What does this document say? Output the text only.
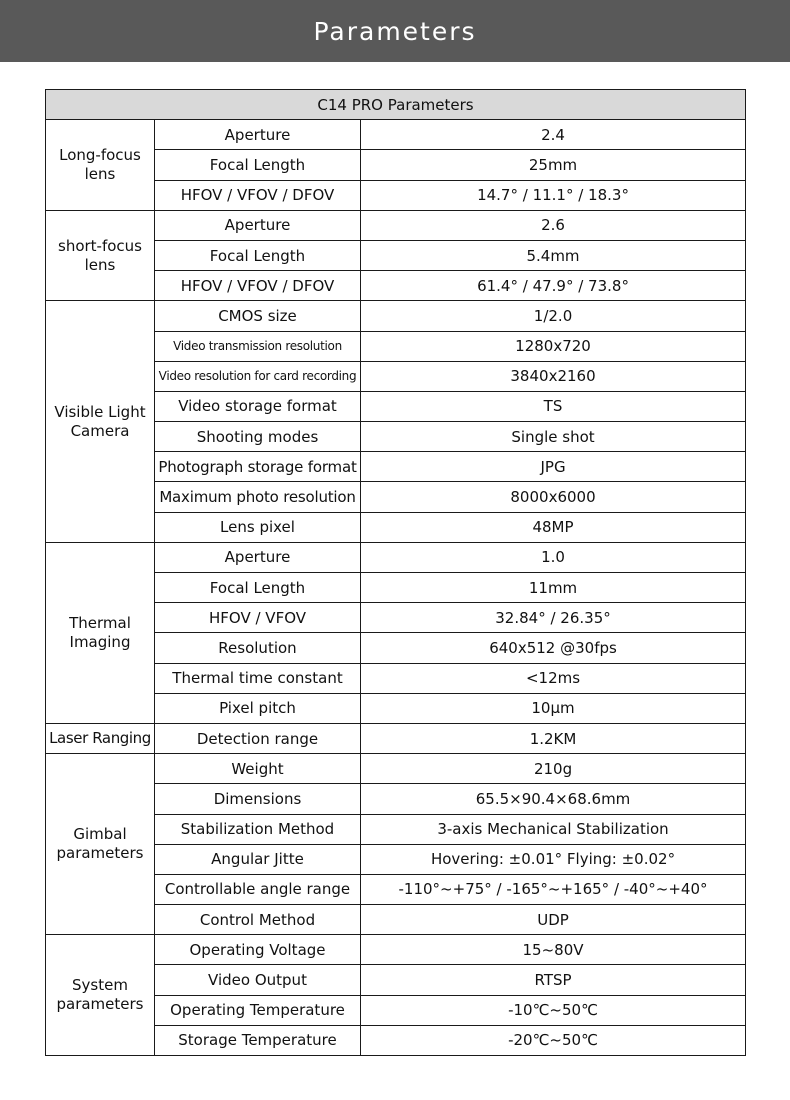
Parameters
C14 PRO Parameters		
Long-focus lens	Aperture	2.4
	Focal Length	25mm
	HFOV / VFOV / DFOV	14.7° / 11.1° / 18.3°
short-focus lens	Aperture	2.6
	Focal Length	5.4mm
	HFOV / VFOV / DFOV	61.4° / 47.9° / 73.8°
Visible Light Camera	CMOS size	1/2.0
	Video transmission resolution	1280x720
	Video resolution for card recording	3840x2160
	Video storage format	TS
	Shooting modes	Single shot
	Photograph storage format	JPG
	Maximum photo resolution	8000x6000
	Lens pixel	48MP
Thermal Imaging	Aperture	1.0
	Focal Length	11mm
	HFOV / VFOV	32.84° / 26.35°
	Resolution	640x512 @30fps
	Thermal time constant	<12ms
	Pixel pitch	10μm
Laser Ranging	Detection range	1.2KM
Gimbal parameters	Weight	210g
	Dimensions	65.5×90.4×68.6mm
	Stabilization Method	3-axis Mechanical Stabilization
	Angular Jitte	Hovering: ±0.01° Flying: ±0.02°
	Controllable angle range	-110°~+75° / -165°~+165° / -40°~+40°
	Control Method	UDP
System parameters	Operating Voltage	15~80V
	Video Output	RTSP
	Operating Temperature	-10℃~50℃
	Storage Temperature	-20℃~50℃
